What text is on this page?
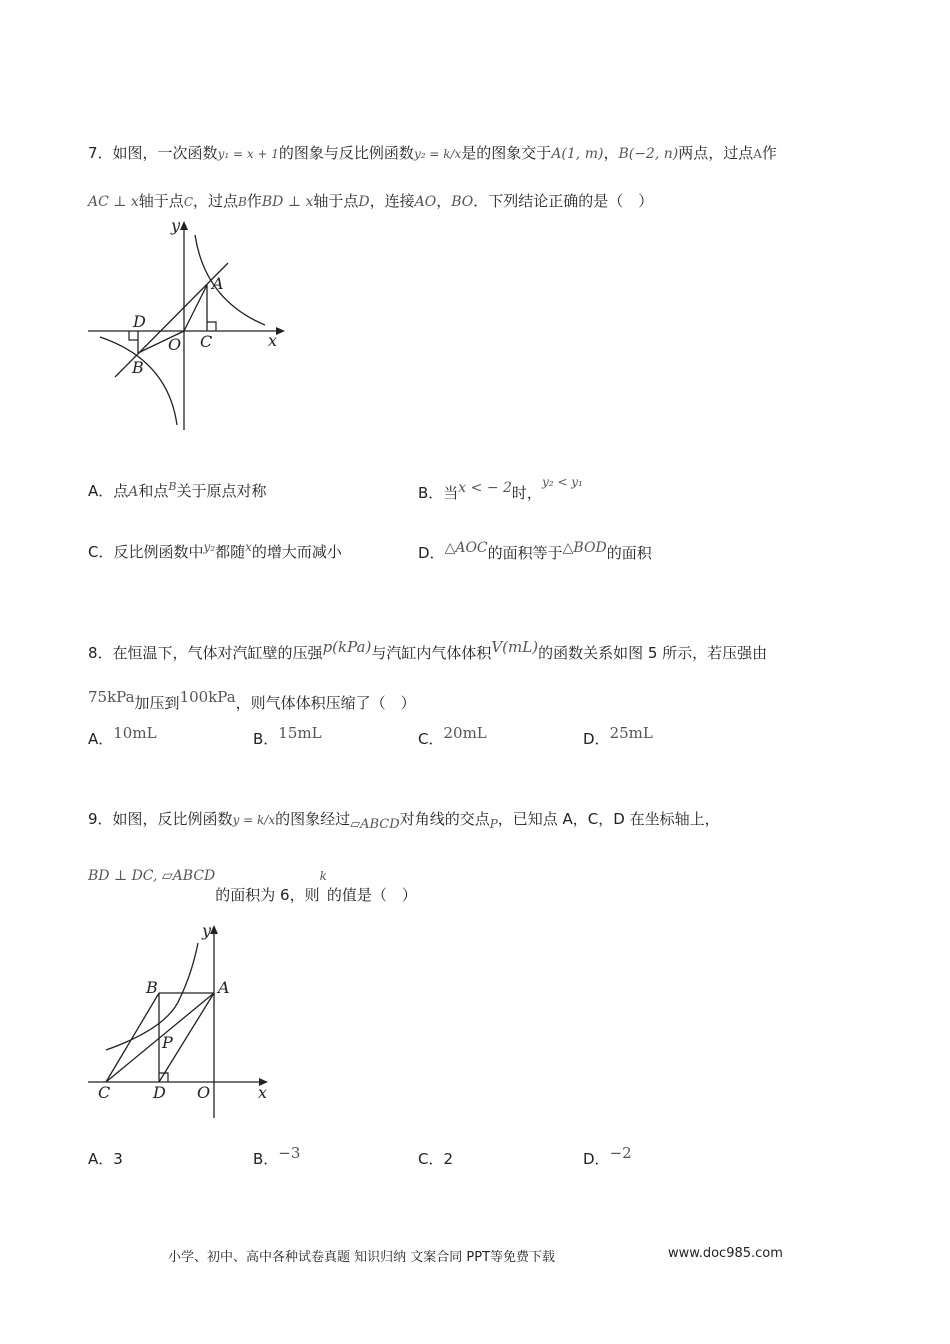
7．如图，一次函数y₁ = x + 1的图象与反比例函数y₂ = k/x是的图象交于A(1, m)，B(−2, n)两点，过点A作
AC ⊥ x轴于点C，过点B作BD ⊥ x轴于点D，连接AO，BO．下列结论正确的是（　）
y
x
A
C
O
D
B
A．点A和点$^B$关于原点对称	B．当$^{x < - 2}$时，$^{y_2 < y_1}$
C．反比例函数中$^{y_2}$都随$^x$的增大而减小	D．$^{\triangle AOC}$的面积等于$^{\triangle BOD}$的面积
8．在恒温下，气体对汽缸壁的压强$^{p(kPa)}$与汽缸内气体体积$^{V(mL)}$的函数关系如图 5 所示，若压强由
$^{75kPa}$加压到$^{100kPa}$，则气体体积压缩了（　）
A．$^{10mL}$	B．$^{15mL}$	C．$^{20mL}$	D．$^{25mL}$
9．如图，反比例函数y = k/x的图象经过$_{▱ABCD}$对角线的交点$_P$，已知点 A，C，D 在坐标轴上，
$^{BD \perp DC, ▱ABCD}$的面积为 6，则$^k$的值是（　）
y
x
B	A
P
C	D O
A．3	B．−3	C．2	D．−2
小学、初中、高中各种试卷真题 知识归纳 文案合同 PPT等免费下载	www.doc985.com
